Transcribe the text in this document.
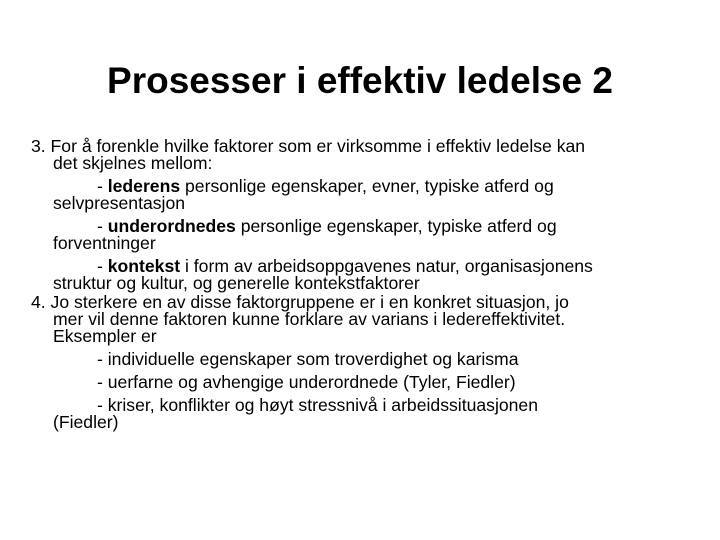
Prosesser i effektiv ledelse 2
3. For å forenkle hvilke faktorer som er virksomme i effektiv ledelse kan
det skjelnes mellom:
- lederens personlige egenskaper, evner, typiske atferd og
selvpresentasjon
- underordnedes personlige egenskaper, typiske atferd og
forventninger
- kontekst i form av arbeidsoppgavenes natur, organisasjonens
struktur og kultur, og generelle kontekstfaktorer
4. Jo sterkere en av disse faktorgruppene er i en konkret situasjon, jo
mer vil denne faktoren kunne forklare av varians i ledereffektivitet.
Eksempler er
- individuelle egenskaper som troverdighet og karisma
- uerfarne og avhengige underordnede (Tyler, Fiedler)
- kriser, konflikter og høyt stressnivå i arbeidssituasjonen
(Fiedler)
